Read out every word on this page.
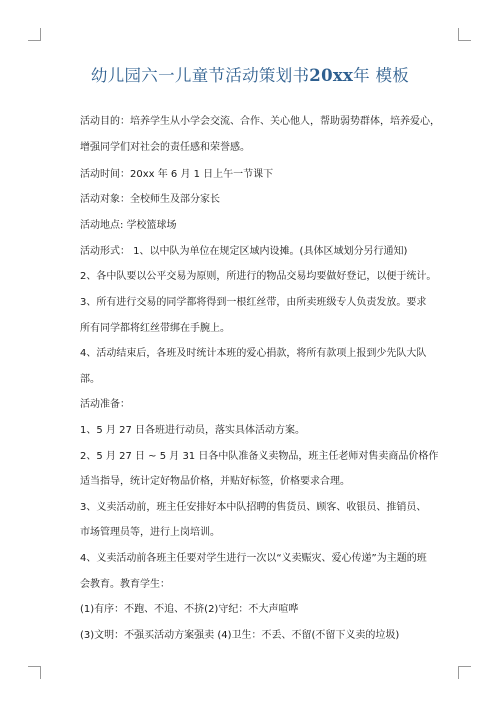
幼儿园六一儿童节活动策划书20xx年 模板
活动目的：培养学生从小学会交流、合作、关心他人，帮助弱势群体，培养爱心，
增强同学们对社会的责任感和荣誉感。
活动时间：20xx 年 6 月 1 日上午一节课下
活动对象：全校师生及部分家长
活动地点: 学校篮球场
活动形式： 1、以中队为单位在规定区域内设摊。(具体区域划分另行通知)
2、各中队要以公平交易为原则，所进行的物品交易均要做好登记，以便于统计。
3、所有进行交易的同学都将得到一根红丝带，由所卖班级专人负责发放。要求
所有同学都将红丝带绑在手腕上。
4、活动结束后，各班及时统计本班的爱心捐款，将所有款项上报到少先队大队
部。
活动准备：
1、5 月 27 日各班进行动员，落实具体活动方案。
2、5 月 27 日 ~ 5 月 31 日各中队准备义卖物品，班主任老师对售卖商品价格作
适当指导，统计定好物品价格，并贴好标签，价格要求合理。
3、义卖活动前，班主任安排好本中队招聘的售货员、顾客、收银员、推销员、
市场管理员等，进行上岗培训。
4、义卖活动前各班主任要对学生进行一次以“义卖赈灾、爱心传递”为主题的班
会教育。教育学生：
(1)有序：不跑、不追、不挤(2)守纪：不大声喧哗
(3)文明：不强买活动方案强卖 (4)卫生：不丢、不留(不留下义卖的垃圾)
